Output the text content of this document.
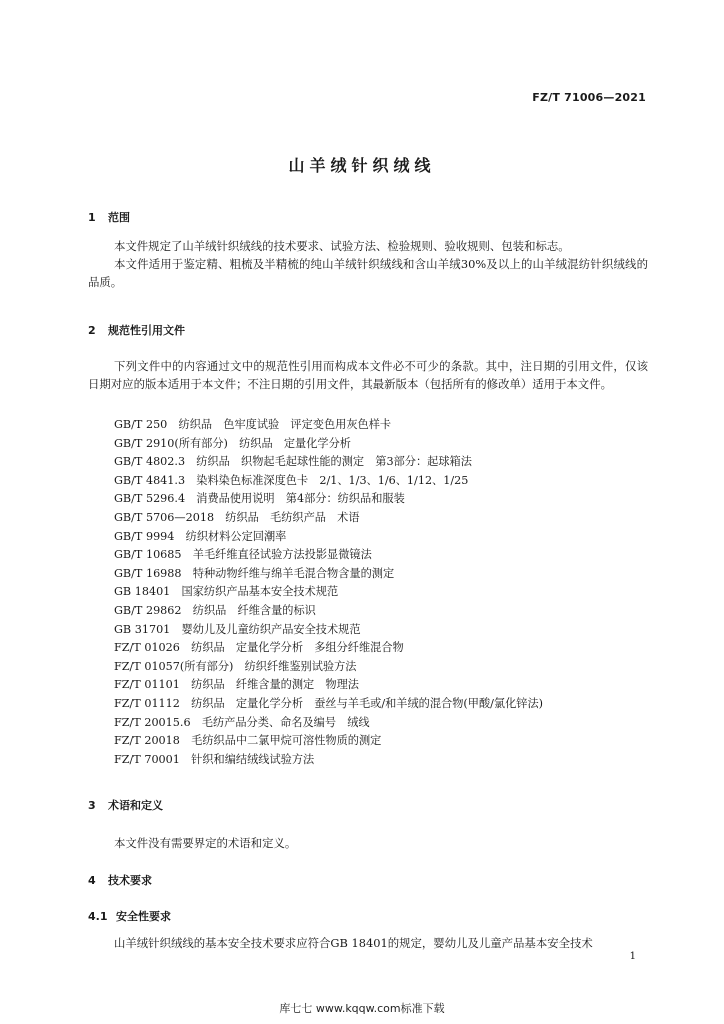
FZ/T 71006—2021
山羊绒针织绒线
1 范围
本文件规定了山羊绒针织绒线的技术要求、试验方法、检验规则、验收规则、包装和标志。
本文件适用于鉴定精、粗梳及半精梳的纯山羊绒针织绒线和含山羊绒30%及以上的山羊绒混纺针织绒线的品质。
2 规范性引用文件
下列文件中的内容通过文中的规范性引用而构成本文件必不可少的条款。其中，注日期的引用文件，仅该日期对应的版本适用于本文件；不注日期的引用文件，其最新版本（包括所有的修改单）适用于本文件。
GB/T 250　 纺织品　色牢度试验　评定变色用灰色样卡
GB/T 2910(所有部分)　 纺织品　定量化学分析
GB/T 4802.3　 纺织品　织物起毛起球性能的测定　第3部分：起球箱法
GB/T 4841.3　 染料染色标准深度色卡　2/1、1/3、1/6、1/12、1/25
GB/T 5296.4　 消费品使用说明　第4部分：纺织品和服装
GB/T 5706—2018　 纺织品　毛纺织产品　术语
GB/T 9994　 纺织材料公定回潮率
GB/T 10685　 羊毛纤维直径试验方法投影显微镜法
GB/T 16988　 特种动物纤维与绵羊毛混合物含量的测定
GB 18401　 国家纺织产品基本安全技术规范
GB/T 29862　 纺织品　纤维含量的标识
GB 31701　 婴幼儿及儿童纺织产品安全技术规范
FZ/T 01026　 纺织品　定量化学分析　多组分纤维混合物
FZ/T 01057(所有部分)　 纺织纤维鉴别试验方法
FZ/T 01101　 纺织品　纤维含量的测定　物理法
FZ/T 01112　 纺织品　定量化学分析　蚕丝与羊毛或/和羊绒的混合物(甲酸/氯化锌法)
FZ/T 20015.6　 毛纺产品分类、命名及编号　绒线
FZ/T 20018　 毛纺织品中二氯甲烷可溶性物质的测定
FZ/T 70001　 针织和编结绒线试验方法
3 术语和定义
本文件没有需要界定的术语和定义。
4 技术要求
4.1 安全性要求
山羊绒针织绒线的基本安全技术要求应符合GB 18401的规定，婴幼儿及儿童产品基本安全技术
1
库七七 www.kqqw.com标准下载
